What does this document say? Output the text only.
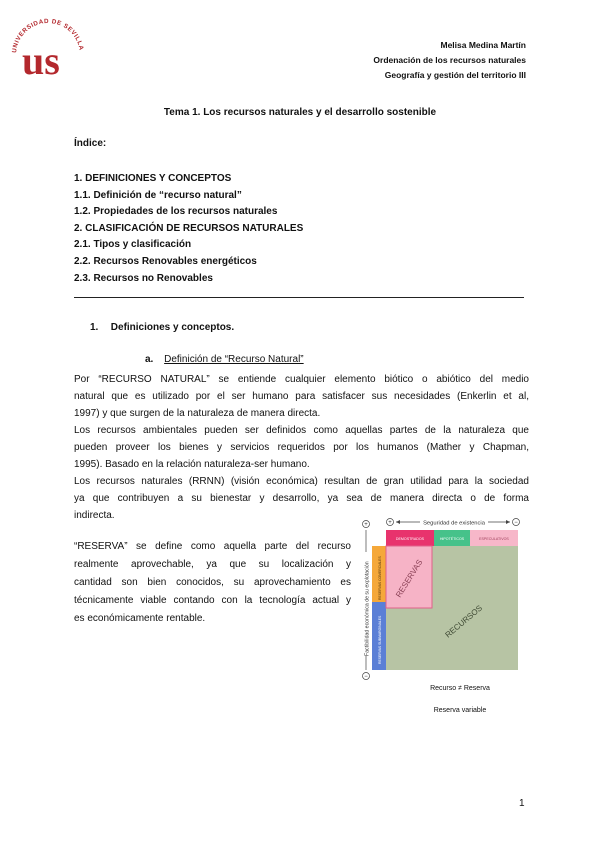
UNIVERSIDAD DE SEVILLA
us	Melisa Medina Martín
Ordenación de los recursos naturales
Geografía y gestión del territorio III
Tema 1. Los recursos naturales y el desarrollo sostenible
Índice:
1. DEFINICIONES Y CONCEPTOS
1.1. Definición de “recurso natural”
1.2. Propiedades de los recursos naturales
2. CLASIFICACIÓN DE RECURSOS NATURALES
2.1. Tipos y clasificación
2.2. Recursos Renovables energéticos
2.3. Recursos no Renovables
1. Definiciones y conceptos.
a. Definición de “Recurso Natural”
Por “RECURSO NATURAL” se entiende cualquier elemento biótico o abiótico del medio
natural que es utilizado por el ser humano para satisfacer sus necesidades (Enkerlin et al,
1997) y que surgen de la naturaleza de manera directa.
Los recursos ambientales pueden ser definidos como aquellas partes de la naturaleza que
pueden proveer los bienes y servicios requeridos por los humanos (Mather y Chapman,
1995). Basado en la relación naturaleza-ser humano.
Los recursos naturales (RRNN) (visión económica) resultan de gran utilidad para la sociedad
ya que contribuyen a su bienestar y desarrollo, ya sea de manera directa o de forma
indirecta.
“RESERVA” se define como aquella parte del recurso
realmente aprovechable, ya que su localización y
cantidad son bien conocidos, su aprovechamiento es
técnicamente viable contando con la tecnología actual y
es económicamente rentable.
+	−
Seguridad de existencia
+
−
Factibilidad económica de su explotación
DEMOSTRADOS	HIPOTÉTICOS	ESPECULATIVOS
RESERVAS COMERCIALES
RESERVAS SUBMARGINALES
RESERVAS
RECURSOS
Recurso ≠ Reserva
Reserva variable
1
